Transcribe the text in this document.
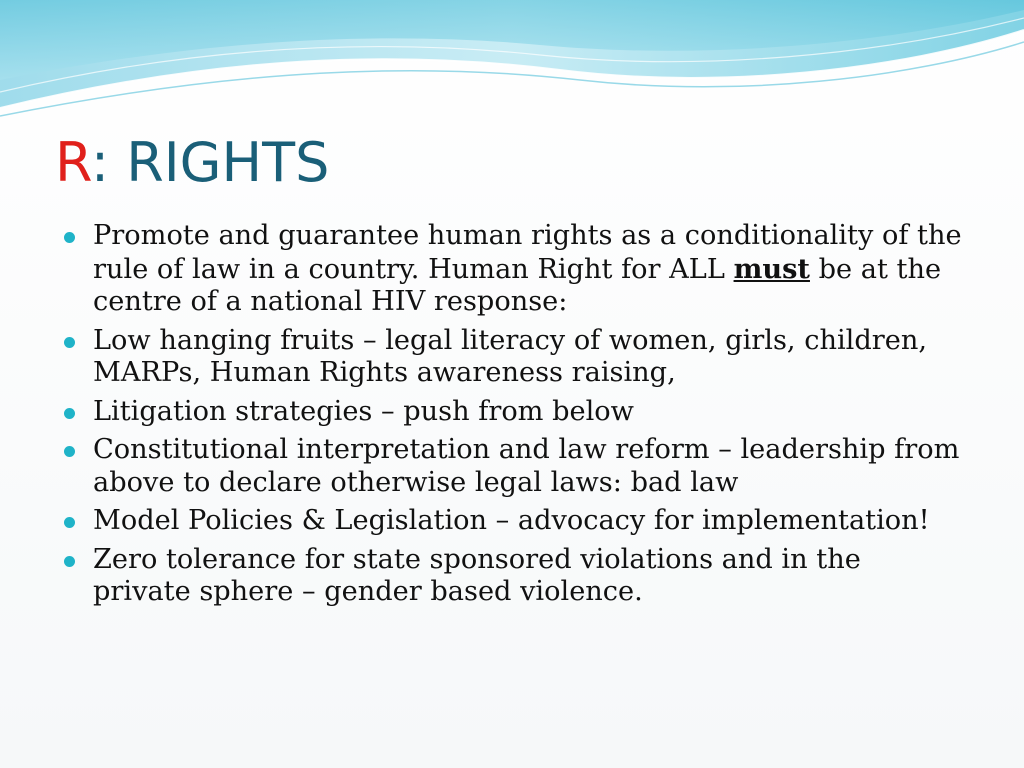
R: RIGHTS
Promote and guarantee human rights as a conditionality of the rule of law in a country. Human Right for ALL must be at the centre of a national HIV response:
Low hanging fruits – legal literacy of women, girls, children, MARPs, Human Rights awareness raising,
Litigation strategies – push from below
Constitutional interpretation and law reform – leadership from above to declare otherwise legal laws: bad law
Model Policies & Legislation – advocacy for implementation!
Zero tolerance for state sponsored violations and in the private sphere – gender based violence.
